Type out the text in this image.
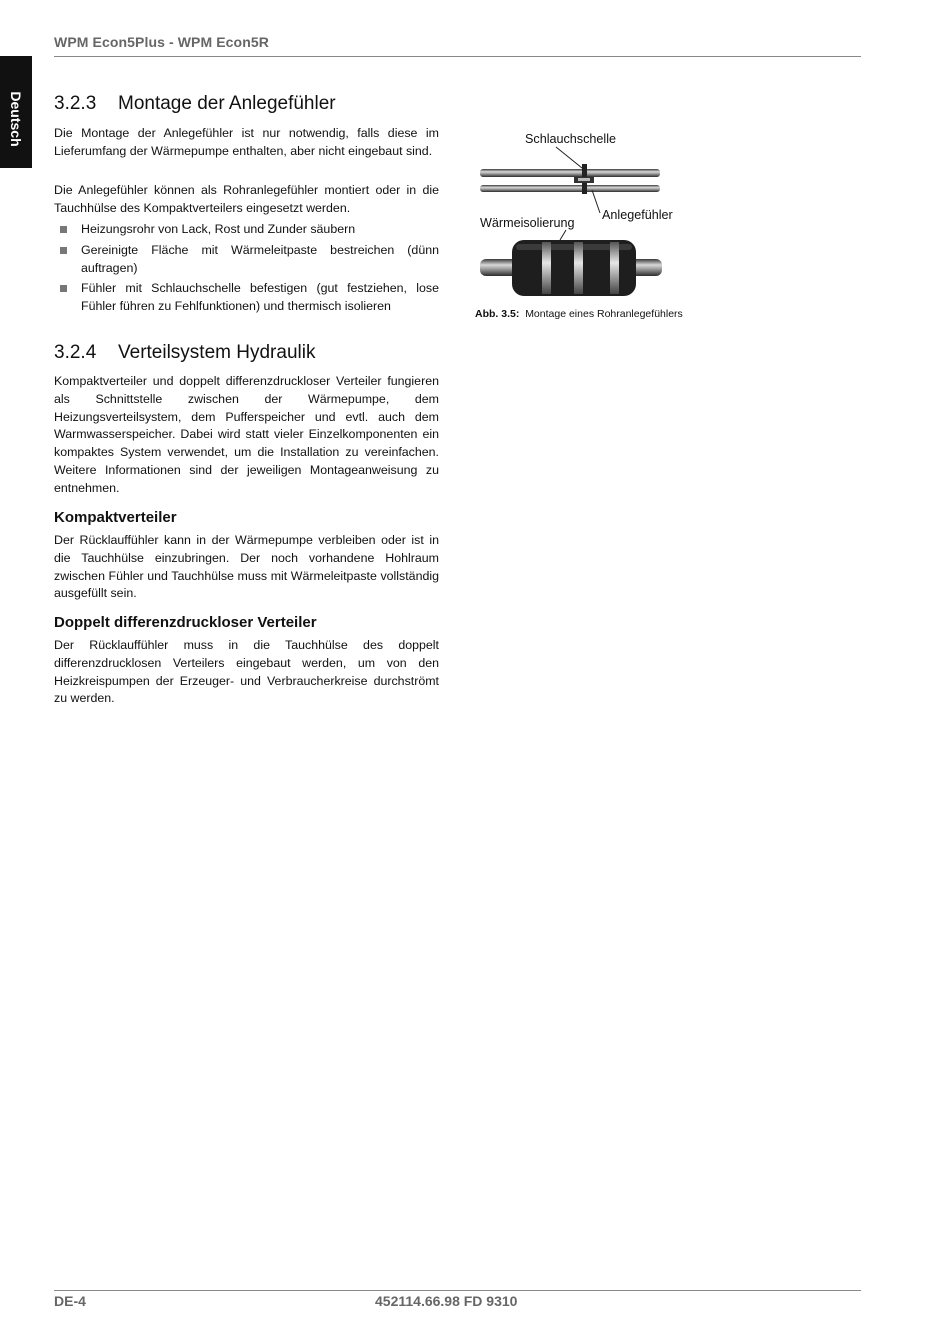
WPM Econ5Plus - WPM Econ5R
Deutsch 3.2.3	Montage der Anlegefühler

Die Montage der Anlegefühler ist nur notwendig, falls diese im Lieferumfang der Wärmepumpe enthalten, aber nicht eingebaut sind.

Die Anlegefühler können als Rohranlegefühler montiert oder in die Tauchhülse des Kompaktverteilers eingesetzt werden.

Heizungsrohr von Lack, Rost und Zunder säubern
Gereinigte Fläche mit Wärmeleitpaste bestreichen (dünn auftragen)
Fühler mit Schlauchschelle befestigen (gut festziehen, lose Fühler führen zu Fehlfunktionen) und thermisch isolieren
Schlauchschelle
Anlegefühler
Wärmeisolierung
Abb. 3.5: Montage eines Rohranlegefühlers
3.2.4	Verteilsystem Hydraulik

Kompaktverteiler und doppelt differenzdruckloser Verteiler fungieren als Schnittstelle zwischen der Wärmepumpe, dem Heizungsverteilsystem, dem Pufferspeicher und evtl. auch dem Warmwasserspeicher. Dabei wird statt vieler Einzelkomponenten ein kompaktes System verwendet, um die Installation zu vereinfachen. Weitere Informationen sind der jeweiligen Montageanweisung zu entnehmen.

Kompaktverteiler

Der Rücklauffühler kann in der Wärmepumpe verbleiben oder ist in die Tauchhülse einzubringen. Der noch vorhandene Hohlraum zwischen Fühler und Tauchhülse muss mit Wärmeleitpaste vollständig ausgefüllt sein.

Doppelt differenzdruckloser Verteiler

Der Rücklauffühler muss in die Tauchhülse des doppelt differenzdrucklosen Verteilers eingebaut werden, um von den Heizkreispumpen der Erzeuger- und Verbraucherkreise durchströmt zu werden.

DE-4	452114.66.98 FD 9310
